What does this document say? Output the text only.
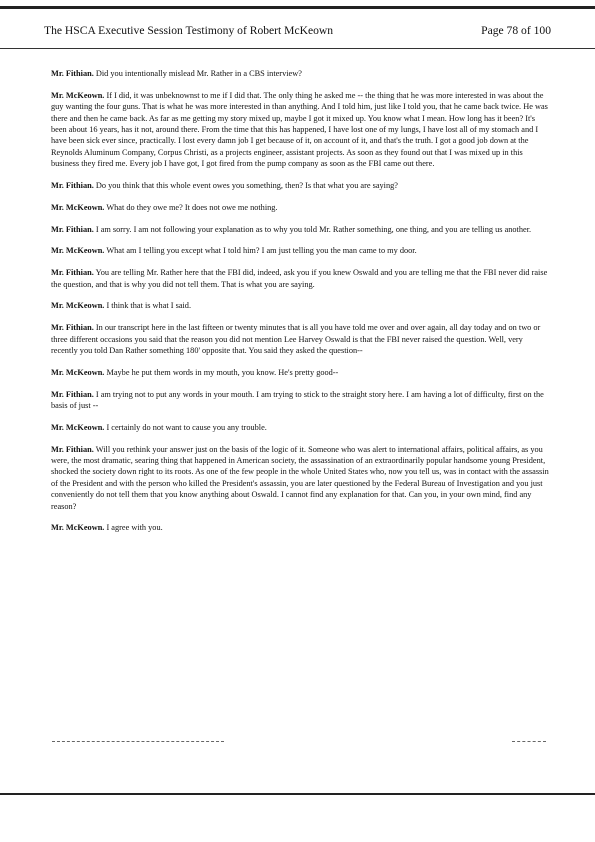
The HSCA Executive Session Testimony of Robert McKeown	Page 78 of 100

Mr. Fithian. Did you intentionally mislead Mr. Rather in a CBS interview?

Mr. McKeown. If I did, it was unbeknownst to me if I did that. The only thing he asked me -- the thing that he was more interested in was about the guy wanting the four guns. That is what he was more interested in than anything. And I told him, just like I told you, that he came back twice. He was there and then he came back. As far as me getting my story mixed up, maybe I got it mixed up. You know what I mean. How long has it been? It's been about 16 years, has it not, around there. From the time that this has happened, I have lost one of my lungs, I have lost all of my stomach and I have been sick ever since, practically. I lost every damn job I get because of it, on account of it, and that's the truth. I got a good job down at the Reynolds Aluminum Company, Corpus Christi, as a projects engineer, assistant projects. As soon as they found out that I was mixed up in this business they fired me. Every job I have got, I got fired from the pump company as soon as the FBI came out there.

Mr. Fithian. Do you think that this whole event owes you something, then? Is that what you are saying?

Mr. McKeown. What do they owe me? It does not owe me nothing.

Mr. Fithian. I am sorry. I am not following your explanation as to why you told Mr. Rather something, one thing, and you are telling us another.

Mr. McKeown. What am I telling you except what I told him? I am just telling you the man came to my door.

Mr. Fithian. You are telling Mr. Rather here that the FBI did, indeed, ask you if you knew Oswald and you are telling me that the FBI never did raise the question, and that is why you did not tell them. That is what you are saying.

Mr. McKeown. I think that is what I said.

Mr. Fithian. In our transcript here in the last fifteen or twenty minutes that is all you have told me over and over again, all day today and on two or three different occasions you said that the reason you did not mention Lee Harvey Oswald is that the FBI never raised the question. Well, very recently you told Dan Rather something 180' opposite that. You said they asked the question--

Mr. McKeown. Maybe he put them words in my mouth, you know. He's pretty good--

Mr. Fithian. I am trying not to put any words in your mouth. I am trying to stick to the straight story here. I am having a lot of difficulty, first on the basis of just --

Mr. McKeown. I certainly do not want to cause you any trouble.

Mr. Fithian. Will you rethink your answer just on the basis of the logic of it. Someone who was alert to international affairs, political affairs, as you were, the most dramatic, searing thing that happened in American society, the assassination of an extraordinarily popular handsome young President, shocked the society down right to its roots. As one of the few people in the whole United States who, now you tell us, was in contact with the assassin of the President and with the person who killed the President's assassin, you are later questioned by the Federal Bureau of Investigation and you just conveniently do not tell them that you know anything about Oswald. I cannot find any explanation for that. Can you, in your own mind, find any reason?

Mr. McKeown. I agree with you.
